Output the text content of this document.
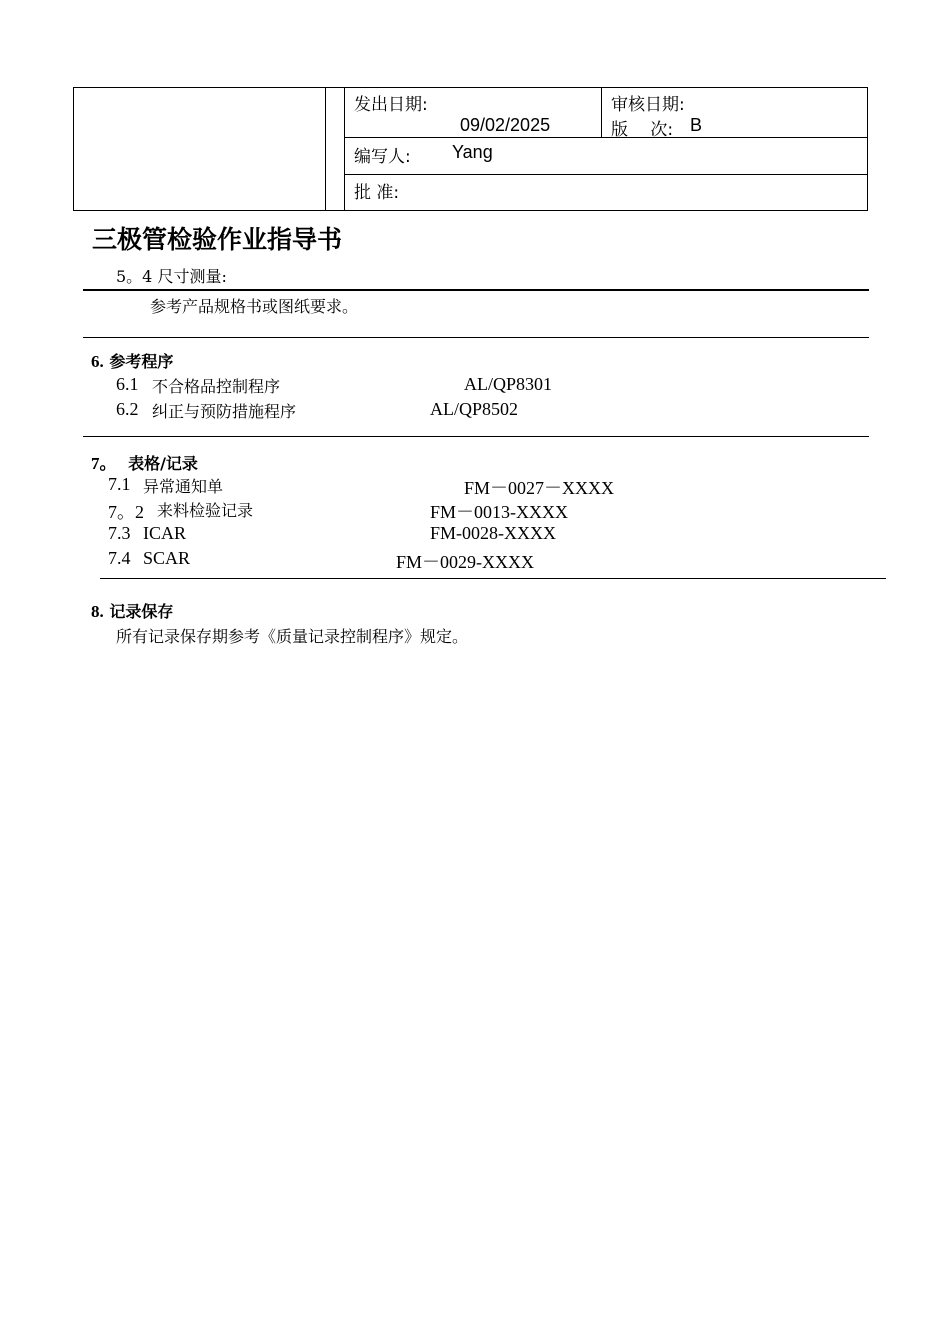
发出日期:
09/02/2025
审核日期:
版　 次: B
编写人: Yang
批 准:
三极管检验作业指导书
5。4 尺寸测量:
参考产品规格书或图纸要求。
6. 参考程序
6.1 不合格品控制程序	AL/QP8301
6.2 纠正与预防措施程序	AL/QP8502
7。 表格/记录
7.1 异常通知单	FM－0027－XXXX
7。2 来料检验记录	FM－0013-XXXX
7.3 ICAR	FM-0028-XXXX
7.4 SCAR	FM－0029-XXXX
8. 记录保存
所有记录保存期参考《质量记录控制程序》规定。
